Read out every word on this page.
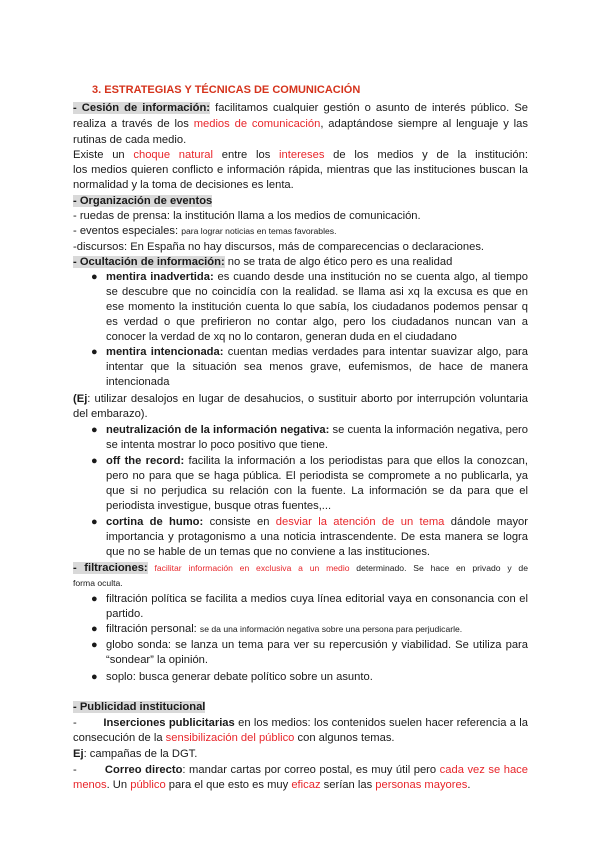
3. ESTRATEGIAS Y TÉCNICAS DE COMUNICACIÓN
- Cesión de información: facilitamos cualquier gestión o asunto de interés público. Se
realiza a través de los medios de comunicación, adaptándose siempre al lenguaje y las
rutinas de cada medio.
Existe un choque natural entre los intereses de los medios y de la institución:
los medios quieren conflicto e información rápida, mientras que las instituciones buscan la
normalidad y la toma de decisiones es lenta.
- Organización de eventos
- ruedas de prensa: la institución llama a los medios de comunicación.
- eventos especiales: para lograr noticias en temas favorables.
-discursos: En España no hay discursos, más de comparecencias o declaraciones.
- Ocultación de información: no se trata de algo ético pero es una realidad
● mentira inadvertida: es cuando desde una institución no se cuenta algo, al tiempo
se descubre que no coincidía con la realidad. se llama asi xq la excusa es que en
ese momento la institución cuenta lo que sabía, los ciudadanos podemos pensar q
es verdad o que prefirieron no contar algo, pero los ciudadanos nuncan van a
conocer la verdad de xq no lo contaron, generan duda en el ciudadano
● mentira intencionada: cuentan medias verdades para intentar suavizar algo, para
intentar que la situación sea menos grave, eufemismos, de hace de manera
intencionada
(Ej: utilizar desalojos en lugar de desahucios, o sustituir aborto por interrupción voluntaria
del embarazo).
● neutralización de la información negativa: se cuenta la información negativa, pero
se intenta mostrar lo poco positivo que tiene.
● off the record: facilita la información a los periodistas para que ellos la conozcan,
pero no para que se haga pública. El periodista se compromete a no publicarla, ya
que si no perjudica su relación con la fuente. La información se da para que el
periodista investigue, busque otras fuentes,...
● cortina de humo: consiste en desviar la atención de un tema dándole mayor
importancia y protagonismo a una noticia intrascendente. De esta manera se logra
que no se hable de un temas que no conviene a las instituciones.
- filtraciones: facilitar información en exclusiva a un medio determinado. Se hace en privado y de
forma oculta.
● filtración política se facilita a medios cuya línea editorial vaya en consonancia con el
partido.
● filtración personal: se da una información negativa sobre una persona para perjudicarle.
● globo sonda: se lanza un tema para ver su repercusión y viabilidad. Se utiliza para
“sondear” la opinión.
● soplo: busca generar debate político sobre un asunto.
- Publicidad institucional
-        Inserciones publicitarias en los medios: los contenidos suelen hacer referencia a la
consecución de la sensibilización del público con algunos temas.
Ej: campañas de la DGT.
-        Correo directo: mandar cartas por correo postal, es muy útil pero cada vez se hace
menos. Un público para el que esto es muy eficaz serían las personas mayores.
